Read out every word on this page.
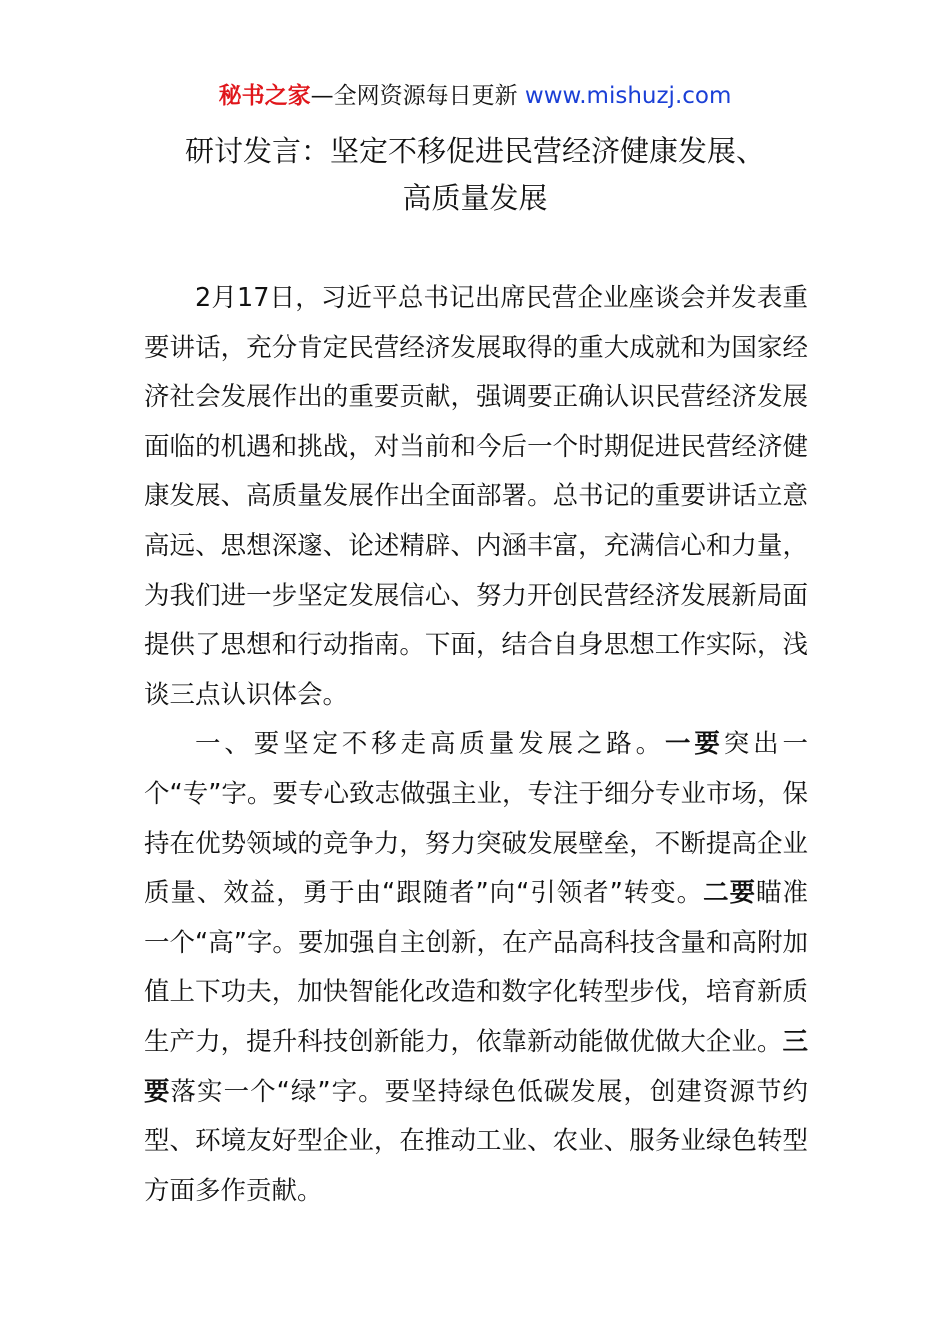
秘书之家—全网资源每日更新 www.mishuzj.com
研讨发言：坚定不移促进民营经济健康发展、
高质量发展

2月17日，习近平总书记出席民营企业座谈会并发表重要讲话，充分肯定民营经济发展取得的重大成就和为国家经济社会发展作出的重要贡献，强调要正确认识民营经济发展面临的机遇和挑战，对当前和今后一个时期促进民营经济健康发展、高质量发展作出全面部署。总书记的重要讲话立意高远、思想深邃、论述精辟、内涵丰富，充满信心和力量，为我们进一步坚定发展信心、努力开创民营经济发展新局面提供了思想和行动指南。下面，结合自身思想工作实际，浅谈三点认识体会。

一、要坚定不移走高质量发展之路。一要突出一个“专”字。要专心致志做强主业，专注于细分专业市场，保持在优势领域的竞争力，努力突破发展壁垒，不断提高企业质量、效益，勇于由“跟随者”向“引领者”转变。二要瞄准一个“高”字。要加强自主创新，在产品高科技含量和高附加值上下功夫，加快智能化改造和数字化转型步伐，培育新质生产力，提升科技创新能力，依靠新动能做优做大企业。三要落实一个“绿”字。要坚持绿色低碳发展，创建资源节约型、环境友好型企业，在推动工业、农业、服务业绿色转型方面多作贡献。
